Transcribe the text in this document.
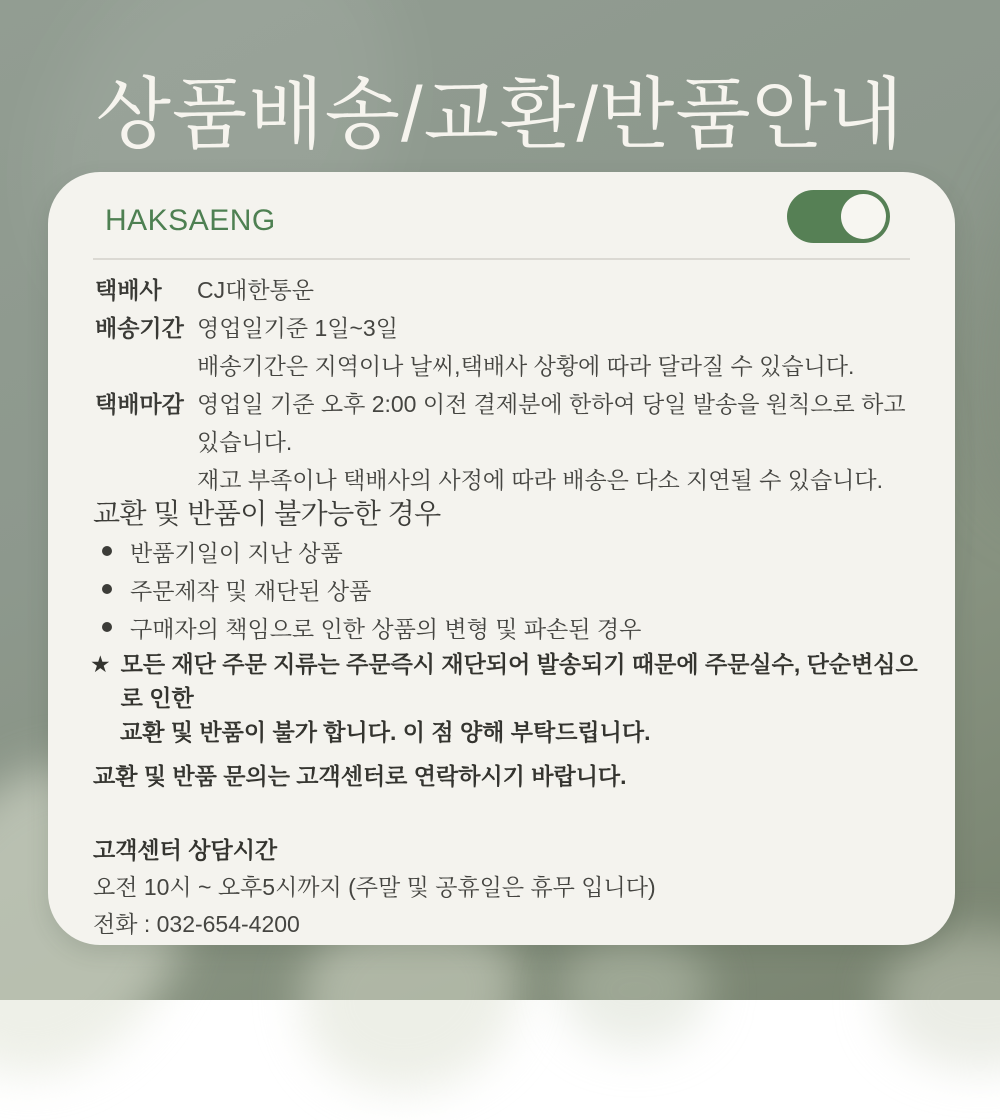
상품배송/교환/반품안내
HAKSAENG
택배사	CJ대한통운
배송기간 영업일기준 1일~3일
배송기간은 지역이나 날씨,택배사 상황에 따라 달라질 수 있습니다.
택배마감 영업일 기준 오후 2:00 이전 결제분에 한하여 당일 발송을 원칙으로 하고있습니다.
재고 부족이나 택배사의 사정에 따라 배송은 다소 지연될 수 있습니다.
교환 및 반품이 불가능한 경우
반품기일이 지난 상품
주문제작 및 재단된 상품
구매자의 책임으로 인한 상품의 변형 및 파손된 경우
★ 모든 재단 주문 지류는 주문즉시 재단되어 발송되기 때문에 주문실수, 단순변심으로 인한
교환 및 반품이 불가 합니다. 이 점 양해 부탁드립니다.
교환 및 반품 문의는 고객센터로 연락하시기 바랍니다.
고객센터 상담시간
오전 10시 ~ 오후5시까지 (주말 및 공휴일은 휴무 입니다)
전화 : 032-654-4200
